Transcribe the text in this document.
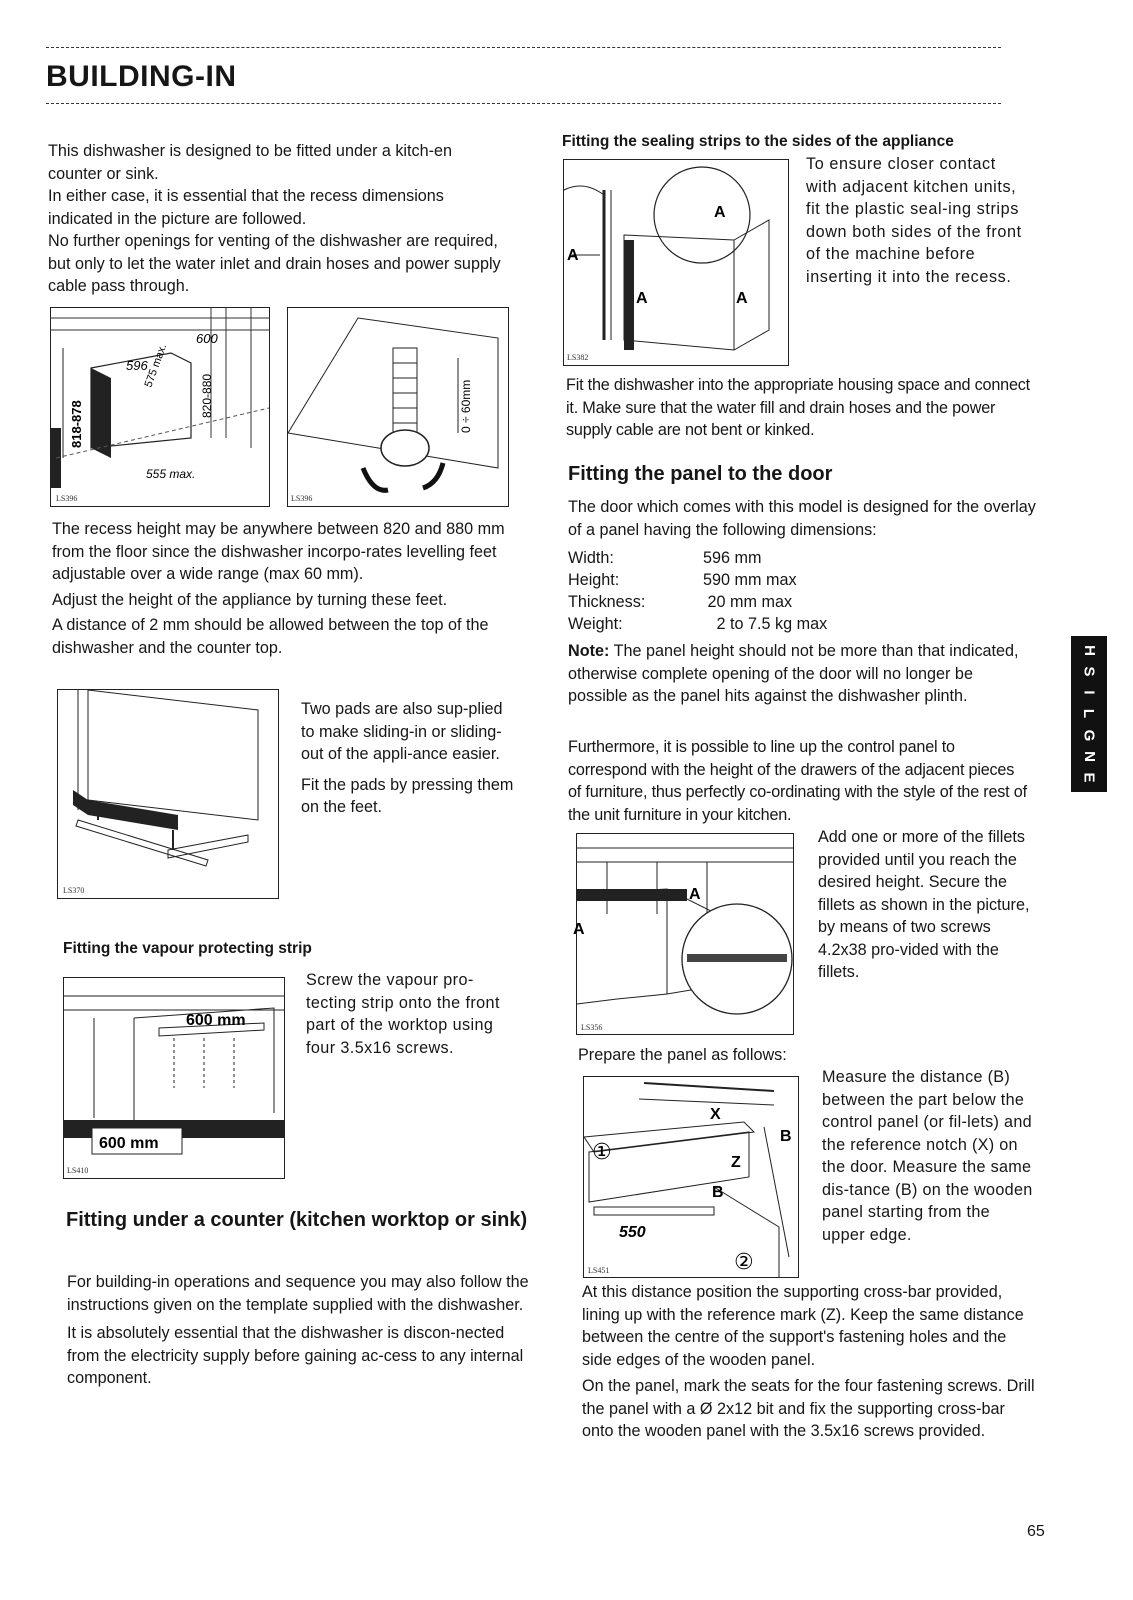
BUILDING-IN

This dishwasher is designed to be fitted under a kitch-en counter or sink.

In either case, it is essential that the recess dimensions indicated in the picture are followed.

No further openings for venting of the dishwasher are required, but only to let the water inlet and drain hoses and power supply cable pass through.

600
596
575 max.
820-880
818-878
555 max.
LS396
0 ÷ 60mm
LS396

The recess height may be anywhere between 820 and 880 mm from the floor since the dishwasher incorpo-rates levelling feet adjustable over a wide range (max 60 mm).

Adjust the height of the appliance by turning these feet.

A distance of 2 mm should be allowed between the top of the dishwasher and the counter top.

LS370

Two pads are also sup-plied to make sliding-in or sliding-out of the appli-ance easier.

Fit the pads by pressing them on the feet.

Fitting the vapour protecting strip
600 mm
600 mm
LS410

Screw the vapour pro-tecting strip onto the front part of the worktop using four 3.5x16 screws.

Fitting under a counter (kitchen worktop or sink)

For building-in operations and sequence you may also follow the instructions given on the template supplied with the dishwasher.

It is absolutely essential that the dishwasher is discon-nected from the electricity supply before gaining ac-cess to any internal component.

Fitting the sealing strips to the sides of the appliance
A
A
A	A
LS382

To ensure closer contact with adjacent kitchen units, fit the plastic seal-ing strips down both sides of the front of the machine before inserting it into the recess.

Fit the dishwasher into the appropriate housing space and connect it. Make sure that the water fill and drain hoses and the power supply cable are not bent or kinked.

Fitting the panel to the door

The door which comes with this model is designed for the overlay of a panel having the following dimensions:

Width:	596 mm
Height:	590 mm max
Thickness:	20 mm max
Weight:	2 to 7.5 kg max

Note: The panel height should not be more than that indicated, otherwise complete opening of the door will no longer be possible as the panel hits against the dishwasher plinth.

Furthermore, it is possible to line up the control panel to correspond with the height of the drawers of the adjacent pieces of furniture, thus perfectly co-ordinating with the style of the rest of the unit furniture in your kitchen.

A
A
LS356

Add one or more of the fillets provided until you reach the desired height. Secure the fillets as shown in the picture, by means of two screws 4.2x38 pro-vided with the fillets.

Prepare the panel as follows:

X
B
Z
B
550
①
②
LS451

Measure the distance (B) between the part below the control panel (or fil-lets) and the reference notch (X) on the door. Measure the same dis-tance (B) on the wooden panel starting from the upper edge.

At this distance position the supporting cross-bar provided, lining up with the reference mark (Z). Keep the same distance between the centre of the support's fastening holes and the side edges of the wooden panel.

On the panel, mark the seats for the four fastening screws. Drill the panel with a Ø 2x12 bit and fix the supporting cross-bar onto the wooden panel with the 3.5x16 screws provided.

H
S
I
L
G
N
E
65
